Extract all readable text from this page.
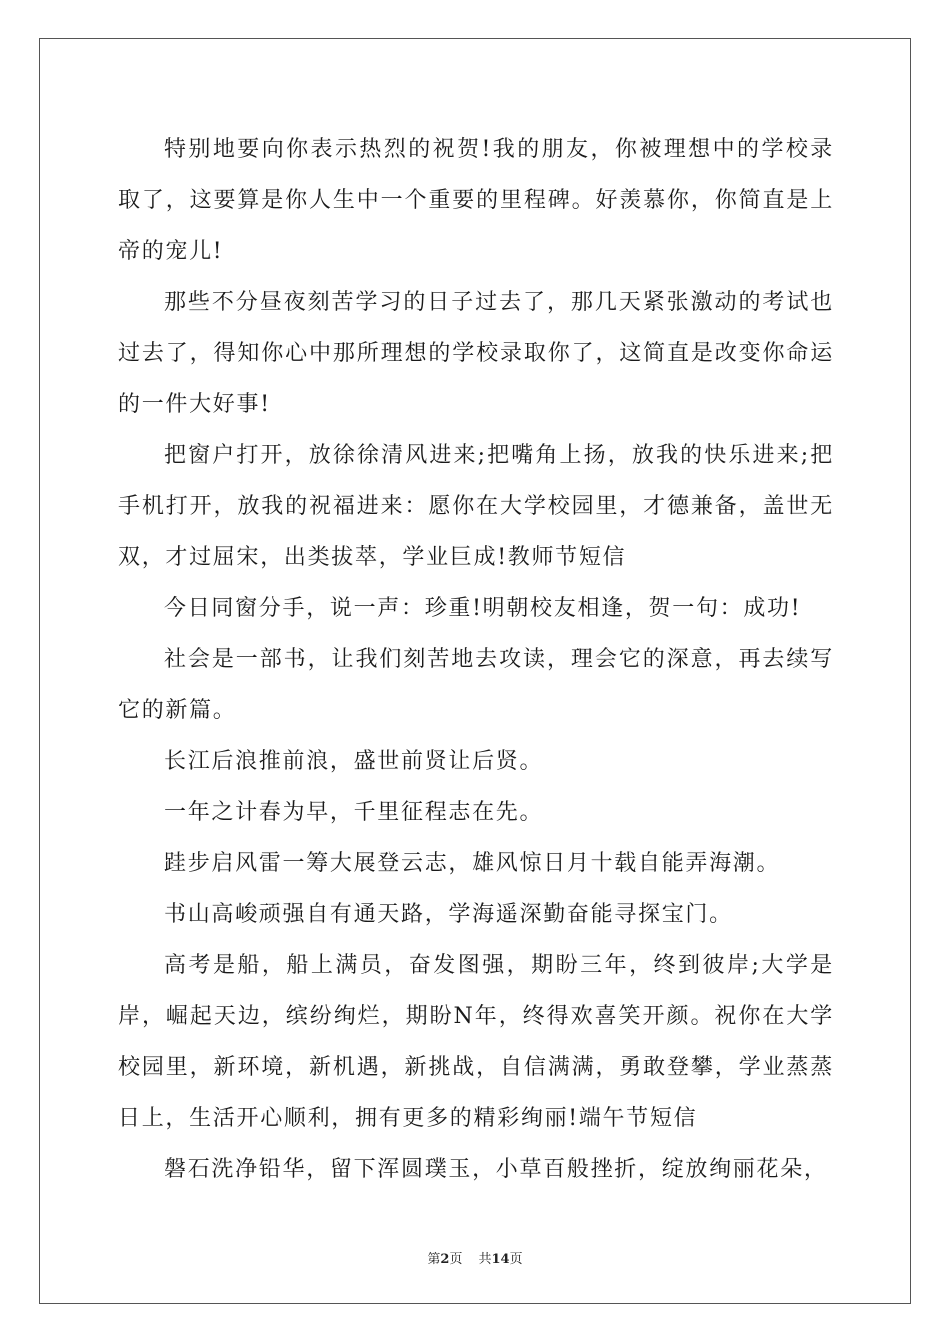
特别地要向你表示热烈的祝贺!我的朋友，你被理想中的学校录取了，这要算是你人生中一个重要的里程碑。好羡慕你，你简直是上帝的宠儿!

那些不分昼夜刻苦学习的日子过去了，那几天紧张激动的考试也过去了，得知你心中那所理想的学校录取你了，这简直是改变你命运的一件大好事!

把窗户打开，放徐徐清风进来;把嘴角上扬，放我的快乐进来;把手机打开，放我的祝福进来：愿你在大学校园里，才德兼备，盖世无双，才过屈宋，出类拔萃，学业巨成!教师节短信

今日同窗分手，说一声：珍重!明朝校友相逢，贺一句：成功!

社会是一部书，让我们刻苦地去攻读，理会它的深意，再去续写它的新篇。

长江后浪推前浪，盛世前贤让后贤。

一年之计春为早，千里征程志在先。

跬步启风雷一筹大展登云志，雄风惊日月十载自能弄海潮。

书山高峻顽强自有通天路，学海遥深勤奋能寻探宝门。

高考是船，船上满员，奋发图强，期盼三年，终到彼岸;大学是岸，崛起天边，缤纷绚烂，期盼N年，终得欢喜笑开颜。祝你在大学校园里，新环境，新机遇，新挑战，自信满满，勇敢登攀，学业蒸蒸日上，生活开心顺利，拥有更多的精彩绚丽!端午节短信

磐石洗净铅华，留下浑圆璞玉，小草百般挫折，绽放绚丽花朵，

第2页 共14页
